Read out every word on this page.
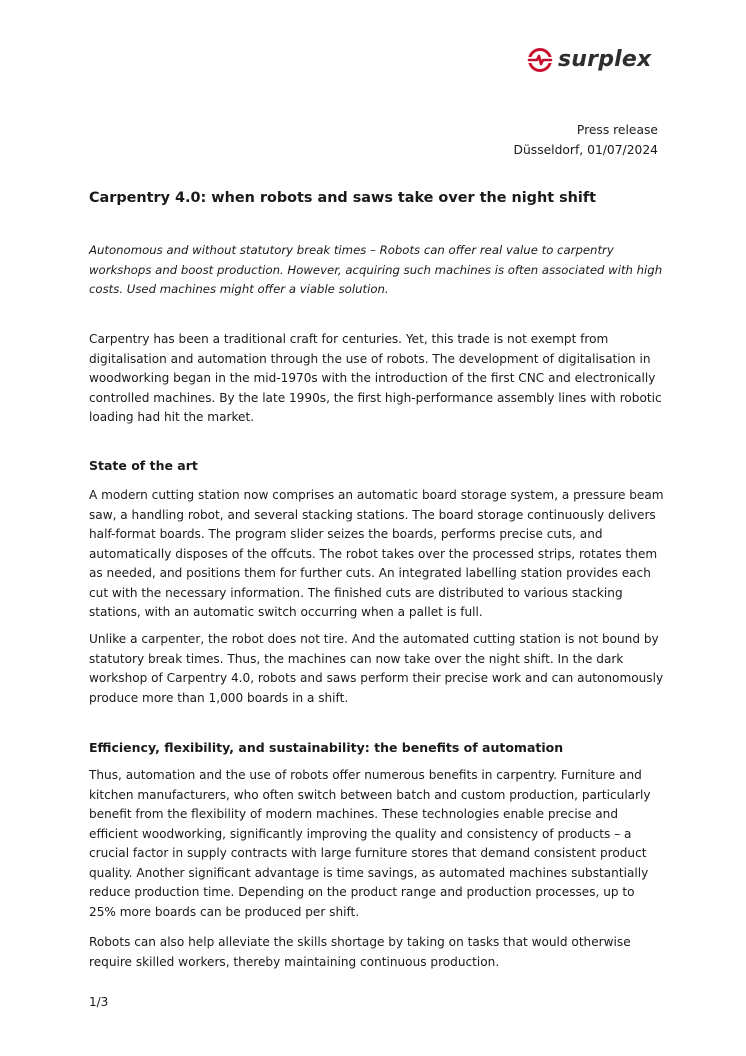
surplex
Press release
Düsseldorf, 01/07/2024
Carpentry 4.0: when robots and saws take over the night shift
Autonomous and without statutory break times – Robots can offer real value to carpentry workshops and boost production. However, acquiring such machines is often associated with high costs. Used machines might offer a viable solution.
Carpentry has been a traditional craft for centuries. Yet, this trade is not exempt from digitalisation and automation through the use of robots. The development of digitalisation in woodworking began in the mid-1970s with the introduction of the first CNC and electronically controlled machines. By the late 1990s, the first high-performance assembly lines with robotic loading had hit the market.
State of the art
A modern cutting station now comprises an automatic board storage system, a pressure beam saw, a handling robot, and several stacking stations. The board storage continuously delivers half-format boards. The program slider seizes the boards, performs precise cuts, and automatically disposes of the offcuts. The robot takes over the processed strips, rotates them as needed, and positions them for further cuts. An integrated labelling station provides each cut with the necessary information. The finished cuts are distributed to various stacking stations, with an automatic switch occurring when a pallet is full.
Unlike a carpenter, the robot does not tire. And the automated cutting station is not bound by statutory break times. Thus, the machines can now take over the night shift. In the dark workshop of Carpentry 4.0, robots and saws perform their precise work and can autonomously produce more than 1,000 boards in a shift.
Efficiency, flexibility, and sustainability: the benefits of automation
Thus, automation and the use of robots offer numerous benefits in carpentry. Furniture and kitchen manufacturers, who often switch between batch and custom production, particularly benefit from the flexibility of modern machines. These technologies enable precise and efficient woodworking, significantly improving the quality and consistency of products – a crucial factor in supply contracts with large furniture stores that demand consistent product quality. Another significant advantage is time savings, as automated machines substantially reduce production time. Depending on the product range and production processes, up to 25% more boards can be produced per shift.
Robots can also help alleviate the skills shortage by taking on tasks that would otherwise require skilled workers, thereby maintaining continuous production.
1/3
